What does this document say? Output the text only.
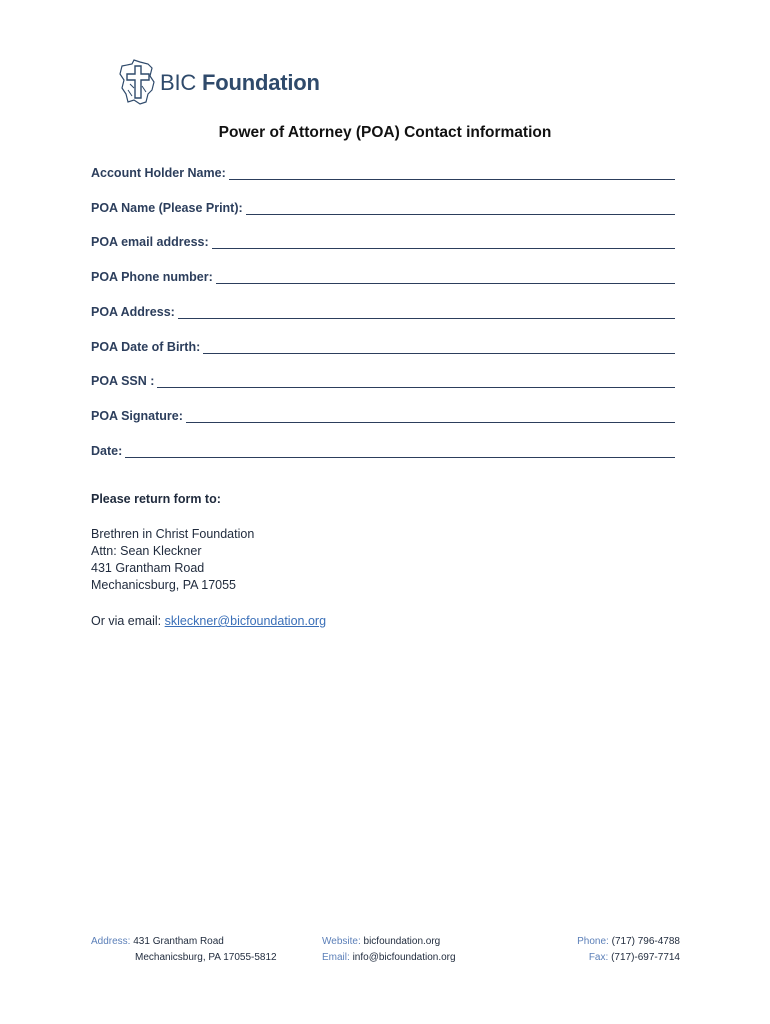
BIC Foundation
Power of Attorney (POA) Contact information
Account Holder Name:
POA Name (Please Print):
POA email address:
POA Phone number:
POA Address:
POA Date of Birth:
POA SSN :
POA Signature:
Date:
Please return form to:
Brethren in Christ Foundation
Attn: Sean Kleckner
431 Grantham Road
Mechanicsburg, PA 17055
Or via email: skleckner@bicfoundation.org
Address: 431 Grantham Road
Mechanicsburg, PA 17055-5812
Website: bicfoundation.org
Email: info@bicfoundation.org
Phone: (717) 796-4788
Fax: (717)-697-7714
